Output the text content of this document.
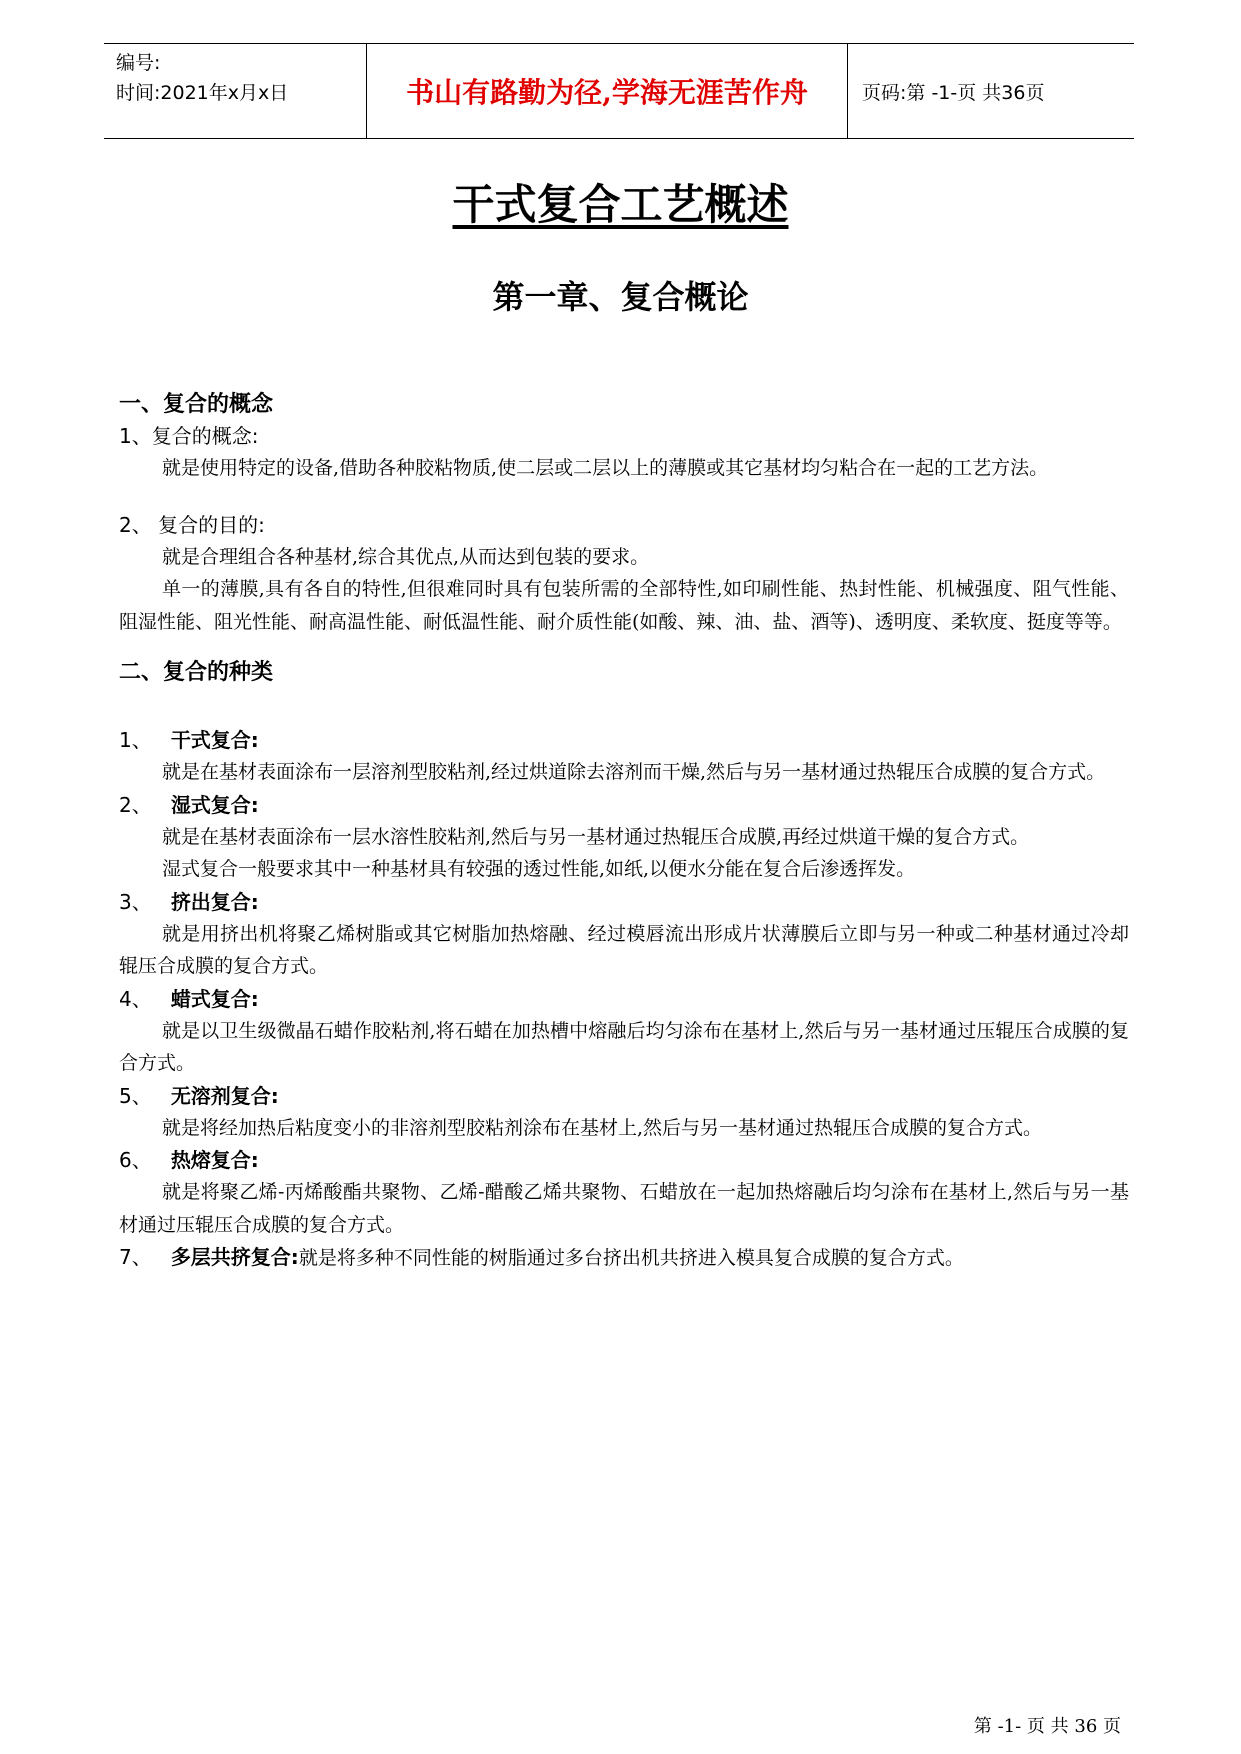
编号:
时间:2021年x月x日	书山有路勤为径,学海无涯苦作舟	页码:第 -1-页 共36页
干式复合工艺概述
第一章、复合概论
一、复合的概念
1、复合的概念:
就是使用特定的设备,借助各种胶粘物质,使二层或二层以上的薄膜或其它基材均匀粘合在一起的工艺方法。
2、 复合的目的:
就是合理组合各种基材,综合其优点,从而达到包装的要求。
单一的薄膜,具有各自的特性,但很难同时具有包装所需的全部特性,如印刷性能、热封性能、机械强度、阻气性能、阻湿性能、阻光性能、耐高温性能、耐低温性能、耐介质性能(如酸、辣、油、盐、酒等)、透明度、柔软度、挺度等等。
二、复合的种类
1、 干式复合:
就是在基材表面涂布一层溶剂型胶粘剂,经过烘道除去溶剂而干燥,然后与另一基材通过热辊压合成膜的复合方式。
2、 湿式复合:
就是在基材表面涂布一层水溶性胶粘剂,然后与另一基材通过热辊压合成膜,再经过烘道干燥的复合方式。
湿式复合一般要求其中一种基材具有较强的透过性能,如纸,以便水分能在复合后渗透挥发。
3、 挤出复合:
就是用挤出机将聚乙烯树脂或其它树脂加热熔融、经过模唇流出形成片状薄膜后立即与另一种或二种基材通过冷却辊压合成膜的复合方式。
4、 蜡式复合:
就是以卫生级微晶石蜡作胶粘剂,将石蜡在加热槽中熔融后均匀涂布在基材上,然后与另一基材通过压辊压合成膜的复合方式。
5、 无溶剂复合:
就是将经加热后粘度变小的非溶剂型胶粘剂涂布在基材上,然后与另一基材通过热辊压合成膜的复合方式。
6、 热熔复合:
就是将聚乙烯-丙烯酸酯共聚物、乙烯-醋酸乙烯共聚物、石蜡放在一起加热熔融后均匀涂布在基材上,然后与另一基材通过压辊压合成膜的复合方式。
7、 多层共挤复合:就是将多种不同性能的树脂通过多台挤出机共挤进入模具复合成膜的复合方式。
第 -1- 页 共 36 页
